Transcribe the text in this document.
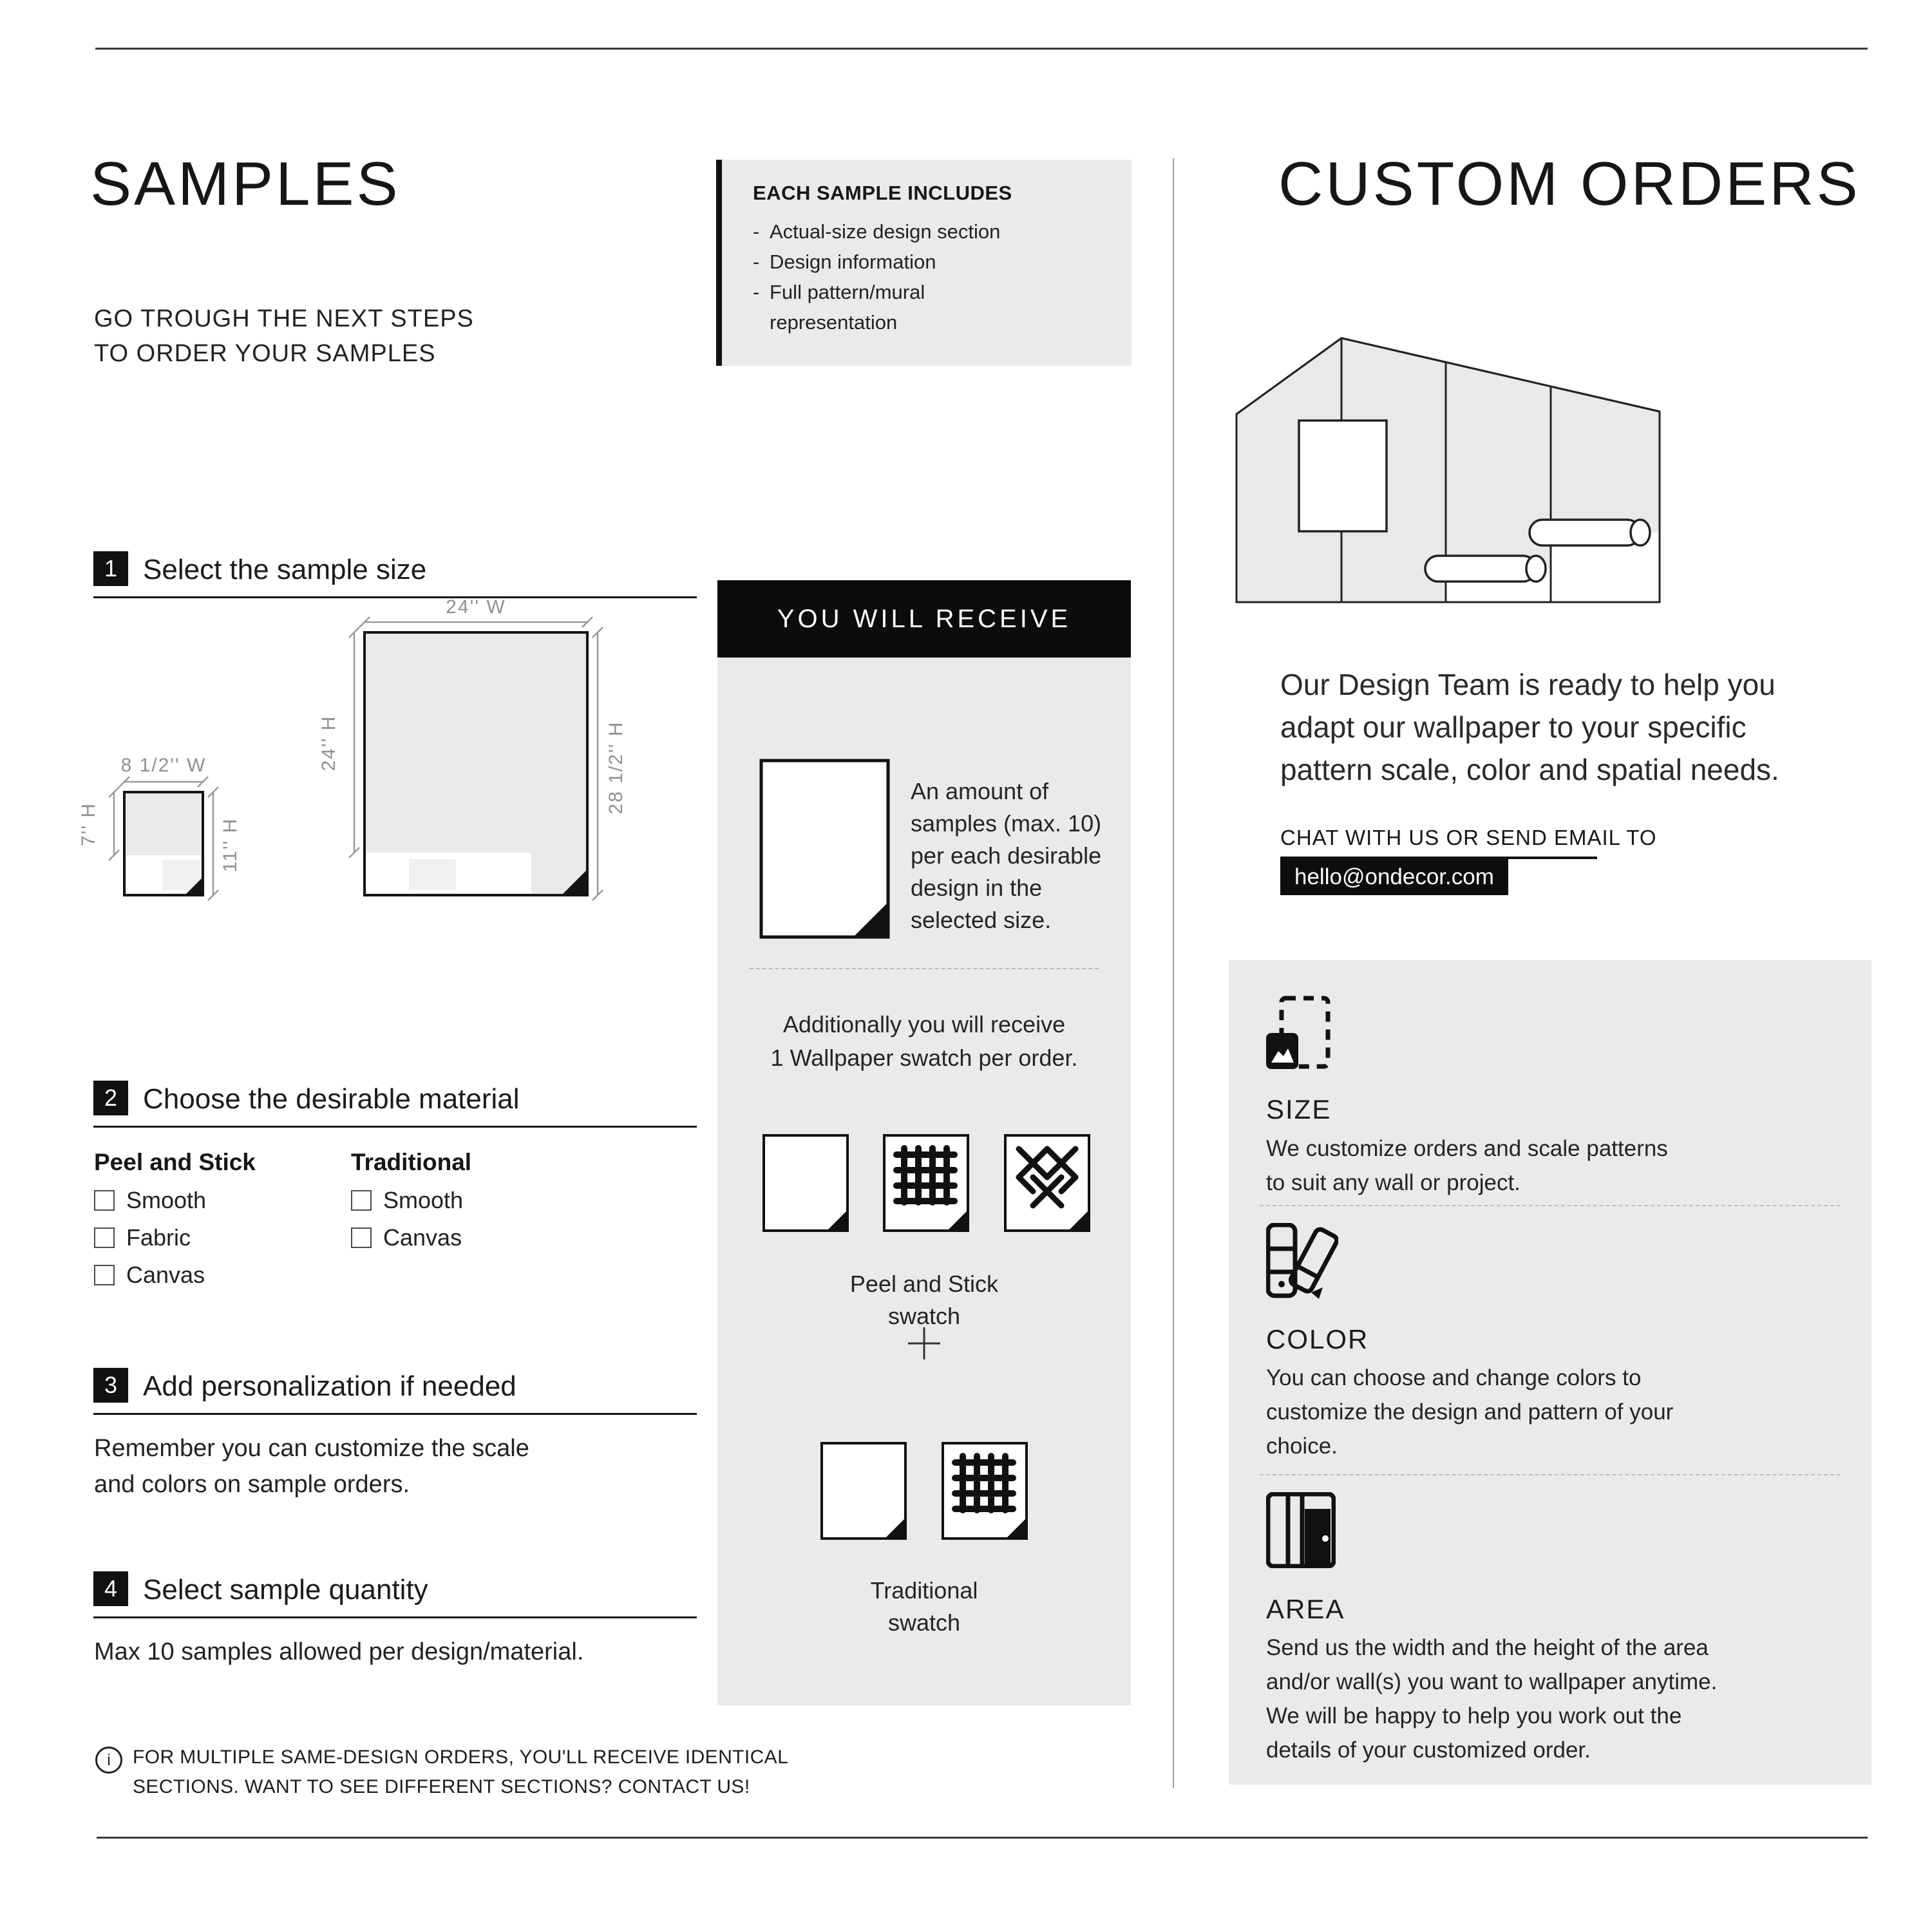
SAMPLES
GO TROUGH THE NEXT STEPS
TO ORDER YOUR SAMPLES
EACH SAMPLE INCLUDES
- Actual-size design section
- Design information
- Full pattern/mural
representation
1 Select the sample size
24'' W
24'' H	28 1/2'' H
8 1/2'' W
7'' H	11'' H
2 Choose the desirable material
Peel and Stick	Traditional
Smooth
Fabric
Canvas
Smooth
Canvas
3 Add personalization if needed
Remember you can customize the scale
and colors on sample orders.
4 Select sample quantity
Max 10 samples allowed per design/material.
i	FOR MULTIPLE SAME-DESIGN ORDERS, YOU'LL RECEIVE IDENTICAL
SECTIONS. WANT TO SEE DIFFERENT SECTIONS? CONTACT US!
YOU WILL RECEIVE
An amount of
samples (max. 10)
per each desirable
design in the
selected size.
Additionally you will receive
1 Wallpaper swatch per order.
Peel and Stick
swatch
Traditional
swatch
CUSTOM ORDERS
Our Design Team is ready to help you
adapt our wallpaper to your specific
pattern scale, color and spatial needs.
CHAT WITH US OR SEND EMAIL TO
hello@ondecor.com
SIZE
We customize orders and scale patterns
to suit any wall or project.
COLOR
You can choose and change colors to
customize the design and pattern of your
choice.
AREA
Send us the width and the height of the area
and/or wall(s) you want to wallpaper anytime.
We will be happy to help you work out the
details of your customized order.
